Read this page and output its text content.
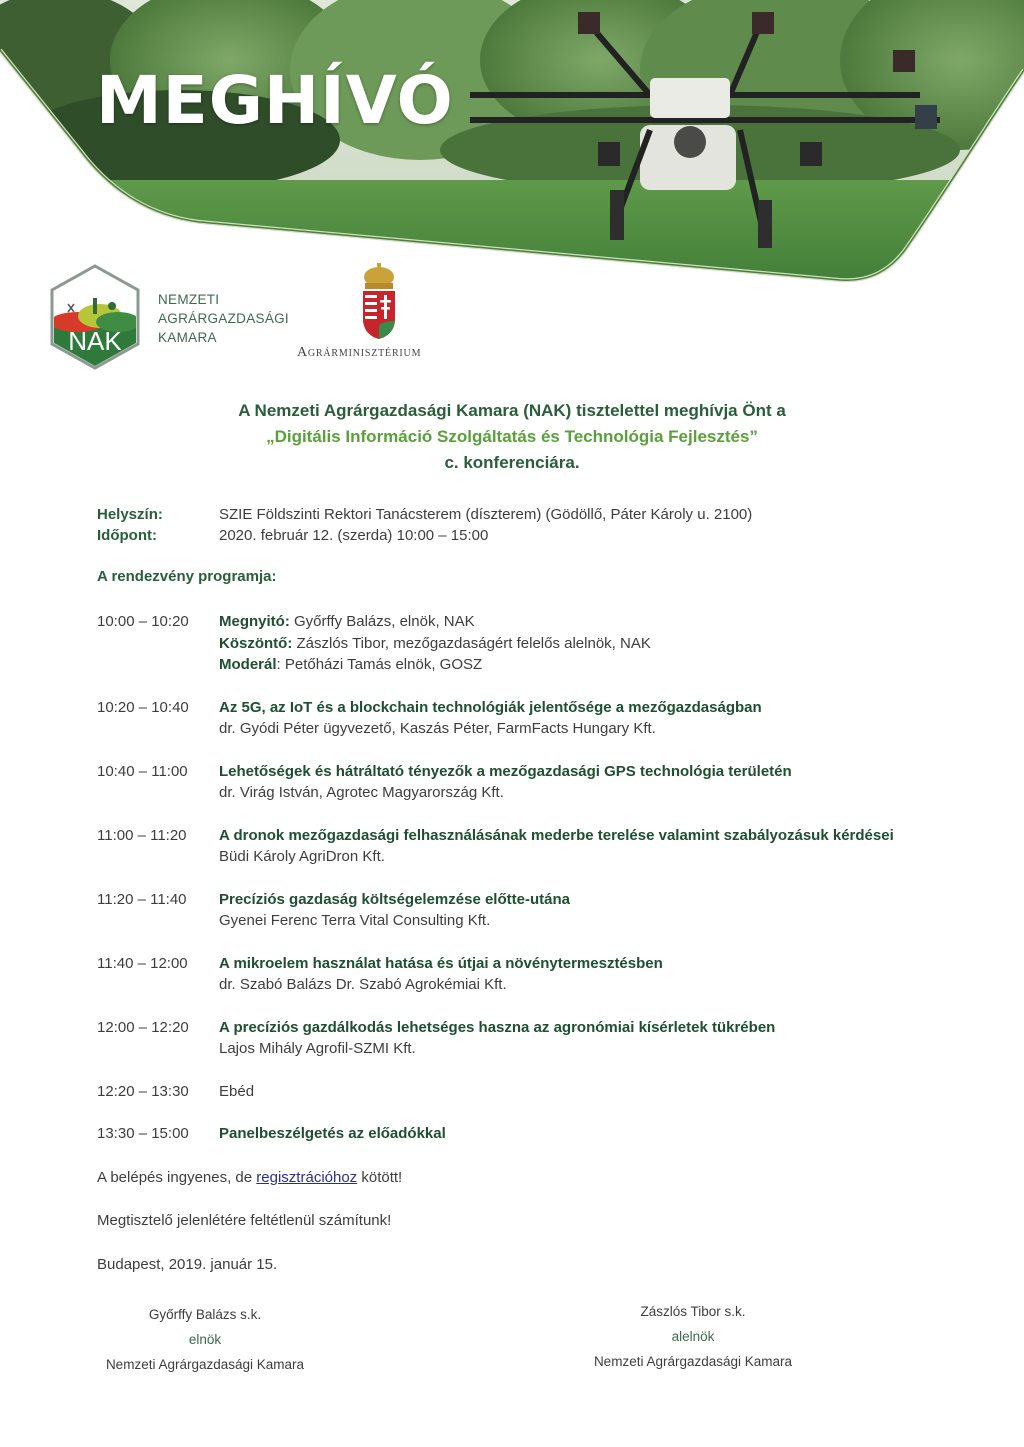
MEGHÍVÓ
NAK
NEMZETI
AGRÁRGAZDASÁGI
KAMARA
Agrárminisztérium
A Nemzeti Agrárgazdasági Kamara (NAK) tisztelettel meghívja Önt a
„Digitális Információ Szolgáltatás és Technológia Fejlesztés”
c. konferenciára.
Helyszín:	SZIE Földszinti Rektori Tanácsterem (díszterem) (Gödöllő, Páter Károly u. 2100)
Időpont:	2020. február 12. (szerda) 10:00 – 15:00
A rendezvény programja:
10:00 – 10:20	Megnyitó: Győrffy Balázs, elnök, NAK
Köszöntő: Zászlós Tibor, mezőgazdaságért felelős alelnök, NAK
Moderál: Petőházi Tamás elnök, GOSZ
10:20 – 10:40	Az 5G, az IoT és a blockchain technológiák jelentősége a mezőgazdaságban
dr. Gyódi Péter ügyvezető, Kaszás Péter, FarmFacts Hungary Kft.
10:40 – 11:00	Lehetőségek és hátráltató tényezők a mezőgazdasági GPS technológia területén
dr. Virág István, Agrotec Magyarország Kft.
11:00 – 11:20	A dronok mezőgazdasági felhasználásának mederbe terelése valamint szabályozásuk kérdései
Büdi Károly AgriDron Kft.
11:20 – 11:40	Precíziós gazdaság költségelemzése előtte-utána
Gyenei Ferenc Terra Vital Consulting Kft.
11:40 – 12:00	A mikroelem használat hatása és útjai a növénytermesztésben
dr. Szabó Balázs Dr. Szabó Agrokémiai Kft.
12:00 – 12:20	A precíziós gazdálkodás lehetséges haszna az agronómiai kísérletek tükrében
Lajos Mihály Agrofil-SZMI Kft.
12:20 – 13:30	Ebéd
13:30 – 15:00	Panelbeszélgetés az előadókkal
A belépés ingyenes, de regisztrációhoz kötött!
Megtisztelő jelenlétére feltétlenül számítunk!
Budapest, 2019. január 15.
Győrffy Balázs s.k.
elnök
Nemzeti Agrárgazdasági Kamara
Zászlós Tibor s.k.
alelnök
Nemzeti Agrárgazdasági Kamara
